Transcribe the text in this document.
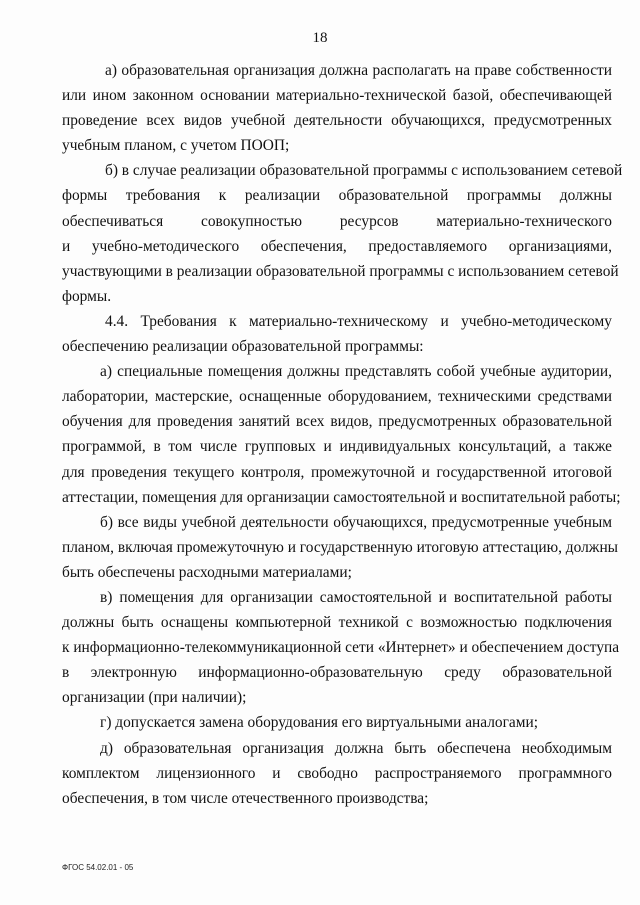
18

а) образовательная организация должна располагать на праве собственности
или ином законном основании материально-технической базой, обеспечивающей
проведение всех видов учебной деятельности обучающихся, предусмотренных
учебным планом, с учетом ПООП;

б) в случае реализации образовательной программы с использованием сетевой
формы требования к реализации образовательной программы должны
обеспечиваться совокупностью ресурсов материально-технического
и учебно-методического обеспечения, предоставляемого организациями,
участвующими в реализации образовательной программы с использованием сетевой
формы.

4.4. Требования к материально-техническому и учебно-методическому
обеспечению реализации образовательной программы:

а) специальные помещения должны представлять собой учебные аудитории,
лаборатории, мастерские, оснащенные оборудованием, техническими средствами
обучения для проведения занятий всех видов, предусмотренных образовательной
программой, в том числе групповых и индивидуальных консультаций, а также
для проведения текущего контроля, промежуточной и государственной итоговой
аттестации, помещения для организации самостоятельной и воспитательной работы;

б) все виды учебной деятельности обучающихся, предусмотренные учебным
планом, включая промежуточную и государственную итоговую аттестацию, должны
быть обеспечены расходными материалами;

в) помещения для организации самостоятельной и воспитательной работы
должны быть оснащены компьютерной техникой с возможностью подключения
к информационно-телекоммуникационной сети «Интернет» и обеспечением доступа
в электронную информационно-образовательную среду образовательной
организации (при наличии);

г) допускается замена оборудования его виртуальными аналогами;

д) образовательная организация должна быть обеспечена необходимым
комплектом лицензионного и свободно распространяемого программного
обеспечения, в том числе отечественного производства;

ФГОС 54.02.01 - 05
